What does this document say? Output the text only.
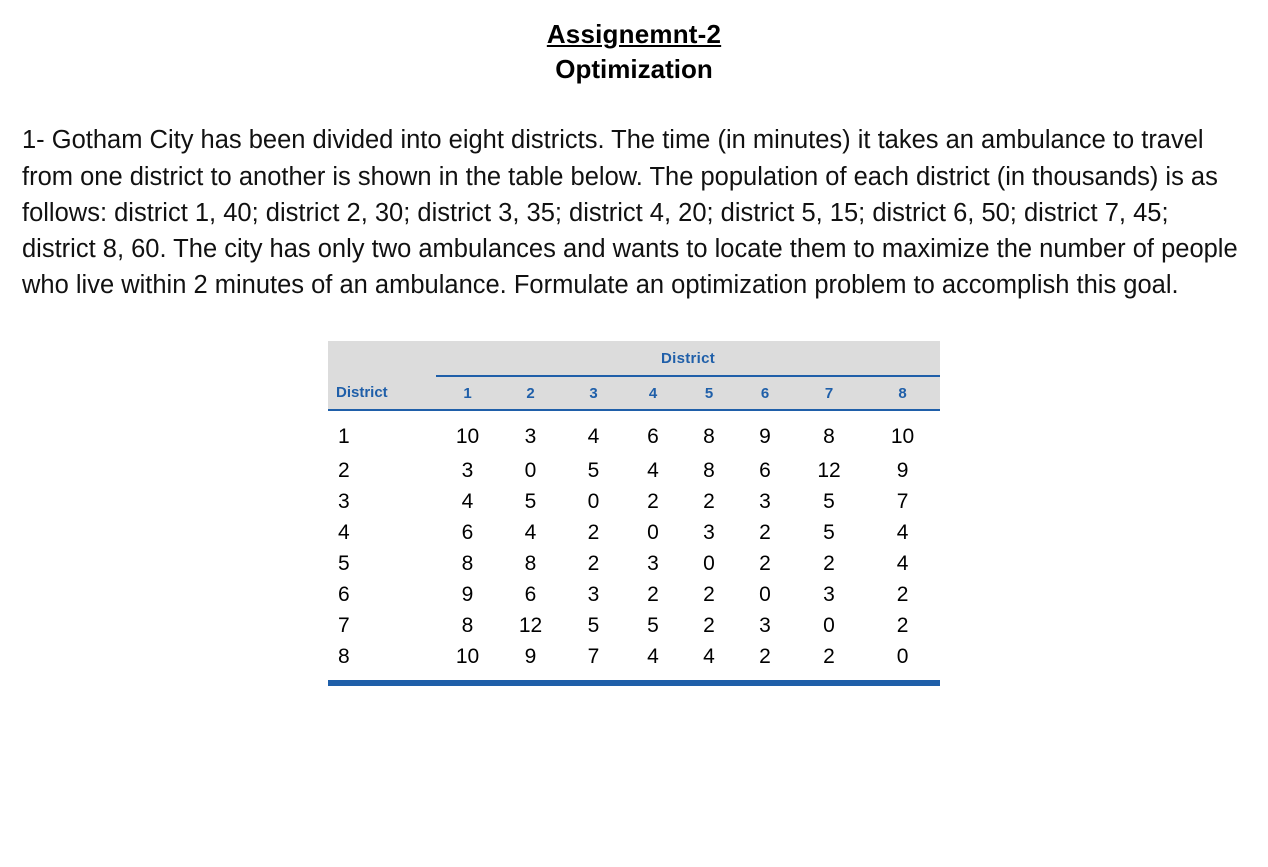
Assignemnt-2
Optimization
1- Gotham City has been divided into eight districts. The time (in minutes) it takes an ambulance to travel from one district to another is shown in the table below. The population of each district (in thousands) is as follows: district 1, 40; district 2, 30; district 3, 35; district 4, 20; district 5, 15; district 6, 50; district 7, 45; district 8, 60. The city has only two ambulances and wants to locate them to maximize the number of people who live within 2 minutes of an ambulance. Formulate an optimization problem to accomplish this goal.
	District							
District	1	2	3	4	5	6	7	8
1	10	3	4	6	8	9	8	10
2	3	0	5	4	8	6	12	9
3	4	5	0	2	2	3	5	7
4	6	4	2	0	3	2	5	4
5	8	8	2	3	0	2	2	4
6	9	6	3	2	2	0	3	2
7	8	12	5	5	2	3	0	2
8	10	9	7	4	4	2	2	0
